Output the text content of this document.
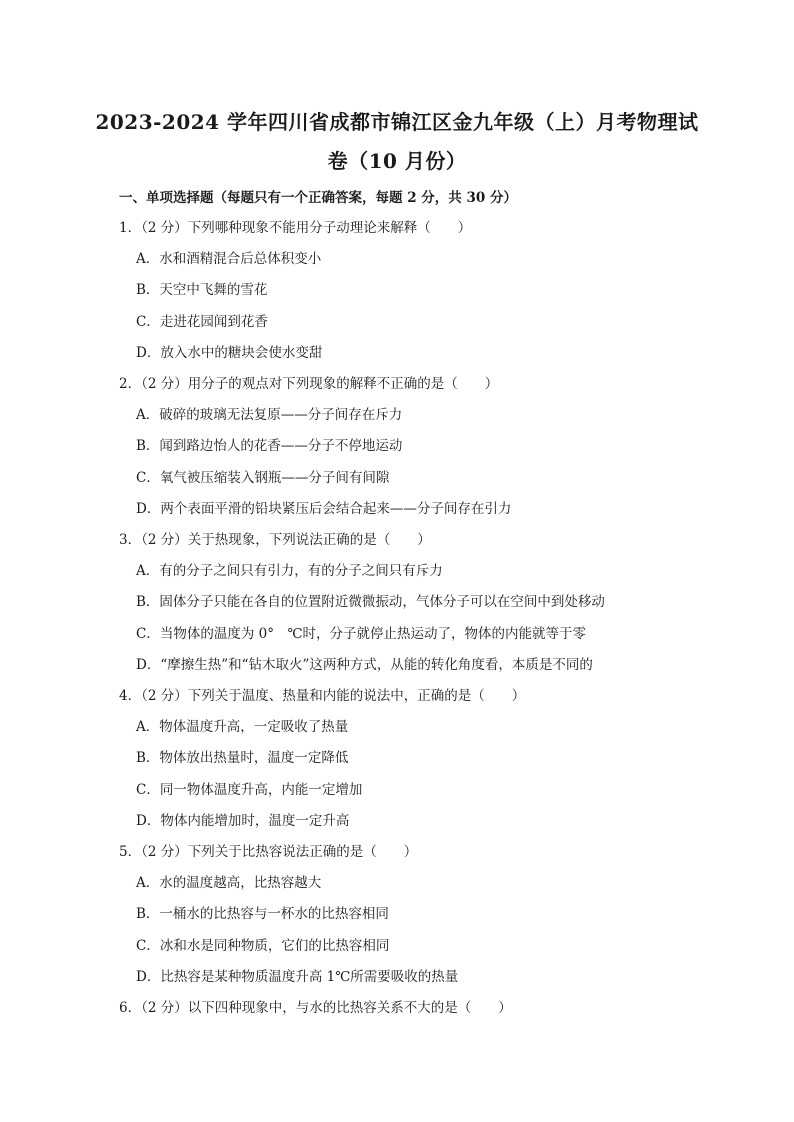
2023-2024 学年四川省成都市锦江区金九年级（上）月考物理试
卷（10 月份）
一、单项选择题（每题只有一个正确答案，每题 2 分，共 30 分）
1．（2 分）下列哪种现象不能用分子动理论来解释（　　）
A．水和酒精混合后总体积变小
B．天空中飞舞的雪花
C．走进花园闻到花香
D．放入水中的糖块会使水变甜
2．（2 分）用分子的观点对下列现象的解释不正确的是（　　）
A．破碎的玻璃无法复原——分子间存在斥力
B．闻到路边怡人的花香——分子不停地运动
C．氧气被压缩装入钢瓶——分子间有间隙
D．两个表面平滑的铅块紧压后会结合起来——分子间存在引力
3．（2 分）关于热现象，下列说法正确的是（　　）
A．有的分子之间只有引力，有的分子之间只有斥力
B．固体分子只能在各自的位置附近微微振动，气体分子可以在空间中到处移动
C．当物体的温度为 0°　℃时，分子就停止热运动了，物体的内能就等于零
D．“摩擦生热”和“钻木取火”这两种方式，从能的转化角度看，本质是不同的
4．（2 分）下列关于温度、热量和内能的说法中，正确的是（　　）
A．物体温度升高，一定吸收了热量
B．物体放出热量时，温度一定降低
C．同一物体温度升高，内能一定增加
D．物体内能增加时，温度一定升高
5．（2 分）下列关于比热容说法正确的是（　　）
A．水的温度越高，比热容越大
B．一桶水的比热容与一杯水的比热容相同
C．冰和水是同种物质，它们的比热容相同
D．比热容是某种物质温度升高 1℃所需要吸收的热量
6．（2 分）以下四种现象中，与水的比热容关系不大的是（　　）
